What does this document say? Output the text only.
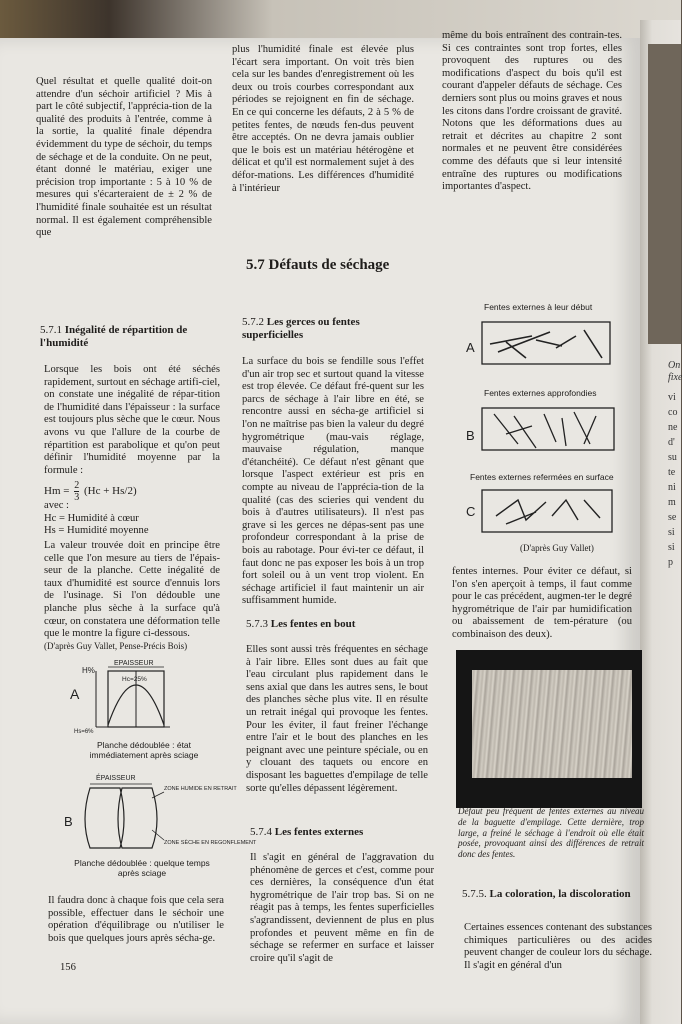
On
fixe
vi co ne d' su te ni m se si si p
Quel résultat et quelle qualité doit-on attendre d'un séchoir artificiel ? Mis à part le côté subjectif, l'apprécia-tion de la qualité des produits à l'entrée, comme à la sortie, la qualité finale dépendra évidemment du type de séchoir, du temps de séchage et de la conduite. On ne peut, étant donné le matériau, exiger une précision trop importante : 5 à 10 % de mesures qui s'écarteraient de ± 2 % de l'humidité finale souhaitée est un résultat normal. Il est également compréhensible que
5.7.1 Inégalité de répartition de l'humidité
Lorsque les bois ont été séchés rapidement, surtout en séchage artifi-ciel, on constate une inégalité de répar-tition de l'humidité dans l'épaisseur : la surface est toujours plus sèche que le cœur. Nous avons vu que l'allure de la courbe de répartition est parabolique et qu'on peut définir l'humidité moyenne par la formule :
$Hm = \frac{2}{3} (Hc + Hs/2)$
avec :
Hc = Humidité à cœur
Hs = Humidité moyenne
La valeur trouvée doit en principe être celle que l'on mesure au tiers de l'épais-seur de la planche. Cette inégalité de taux d'humidité est source d'ennuis lors de l'usinage. Si l'on dédouble une planche plus sèche à la surface qu'à cœur, on constatera une déformation telle que le montre la figure ci-dessous.
(D'après Guy Vallet, Pense-Précis Bois)
A
EPAISSEUR
H%
Hc=25%
Hs=6%
Planche dédoublée : état immédiatement après sciage
B
ÉPAISSEUR
ZONE HUMIDE EN RETRAIT
ZONE SÈCHE EN REGONFLEMENT
Planche dédoublée : quelque temps après sciage
Il faudra donc à chaque fois que cela sera possible, effectuer dans le séchoir une opération d'équilibrage ou n'utiliser le bois que quelques jours après sécha-ge.
156
plus l'humidité finale est élevée plus l'écart sera important. On voit très bien cela sur les bandes d'enregistrement où les deux ou trois courbes correspondant aux périodes se rejoignent en fin de séchage. En ce qui concerne les défauts, 2 à 5 % de petites fentes, de nœuds fen-dus peuvent être acceptés. On ne devra jamais oublier que le bois est un matériau hétérogène et délicat et qu'il est normalement sujet à des défor-mations. Les différences d'humidité à l'intérieur
5.7 Défauts de séchage
5.7.2 Les gerces ou fentes superficielles
La surface du bois se fendille sous l'effet d'un air trop sec et surtout quand la vitesse est trop élevée. Ce défaut fré-quent sur les parcs de séchage à l'air libre en été, se rencontre aussi en sécha-ge artificiel si l'on ne maîtrise pas bien la valeur du degré hygrométrique (mau-vais réglage, mauvaise régulation, manque d'étanchéité). Ce défaut n'est gênant que lorsque l'aspect extérieur est pris en compte au niveau de l'apprécia-tion de la qualité (cas des scieries qui vendent du bois à d'autres utilisateurs). Il n'est pas grave si les gerces ne dépas-sent pas une profondeur correspondant à la prise de bois au rabotage. Pour évi-ter ce défaut, il faut donc ne pas exposer les bois à un trop fort soleil ou à un vent trop violent. En séchage artificiel il faut maintenir un air suffisamment humide.
5.7.3 Les fentes en bout
Elles sont aussi très fréquentes en séchage à l'air libre. Elles sont dues au fait que l'eau circulant plus rapidement dans le sens axial que dans les autres sens, le bout des planches sèche plus vite. Il en résulte un retrait inégal qui provoque les fentes. Pour les éviter, il faut freiner l'échange entre l'air et le bout des planches en les peignant avec une peinture spéciale, ou en y clouant des taquets ou encore en disposant les baguettes d'empilage de telle sorte qu'elles dépassent légèrement.
5.7.4 Les fentes externes
Il s'agit en général de l'aggravation du phénomène de gerces et c'est, comme pour ces dernières, la conséquence d'un état hygrométrique de l'air trop bas. Si on ne réagit pas à temps, les fentes superficielles s'agrandissent, deviennent de plus en plus profondes et peuvent même en fin de séchage se refermer en surface et laisser croire qu'il s'agit de
même du bois entraînent des contrain-tes. Si ces contraintes sont trop fortes, elles provoquent des ruptures ou des modifications d'aspect du bois qu'il est courant d'appeler défauts de séchage. Ces derniers sont plus ou moins graves et nous les citons dans l'ordre croissant de gravité. Notons que les déformations dues au retrait et décrites au chapitre 2 sont normales et ne peuvent être considérées comme des défauts que si leur intensité entraîne des ruptures ou modifications importantes d'aspect.
Fentes externes à leur début
A
Fentes externes approfondies
B
Fentes externes refermées en surface
C
(D'après Guy Vallet)
fentes internes. Pour éviter ce défaut, si l'on s'en aperçoit à temps, il faut comme pour le cas précédent, augmen-ter le degré hygrométrique de l'air par humidification ou abaissement de tem-pérature (ou combinaison des deux).
Défaut peu fréquent de fentes externes au niveau de la baguette d'empilage. Cette dernière, trop large, a freiné le séchage à l'endroit où elle était posée, provoquant ainsi des différences de retrait donc des fentes.
5.7.5. La coloration, la discoloration
Certaines essences contenant des substances chimiques particulières ou des acides peuvent changer de couleur lors du séchage. Il s'agit en général d'un
